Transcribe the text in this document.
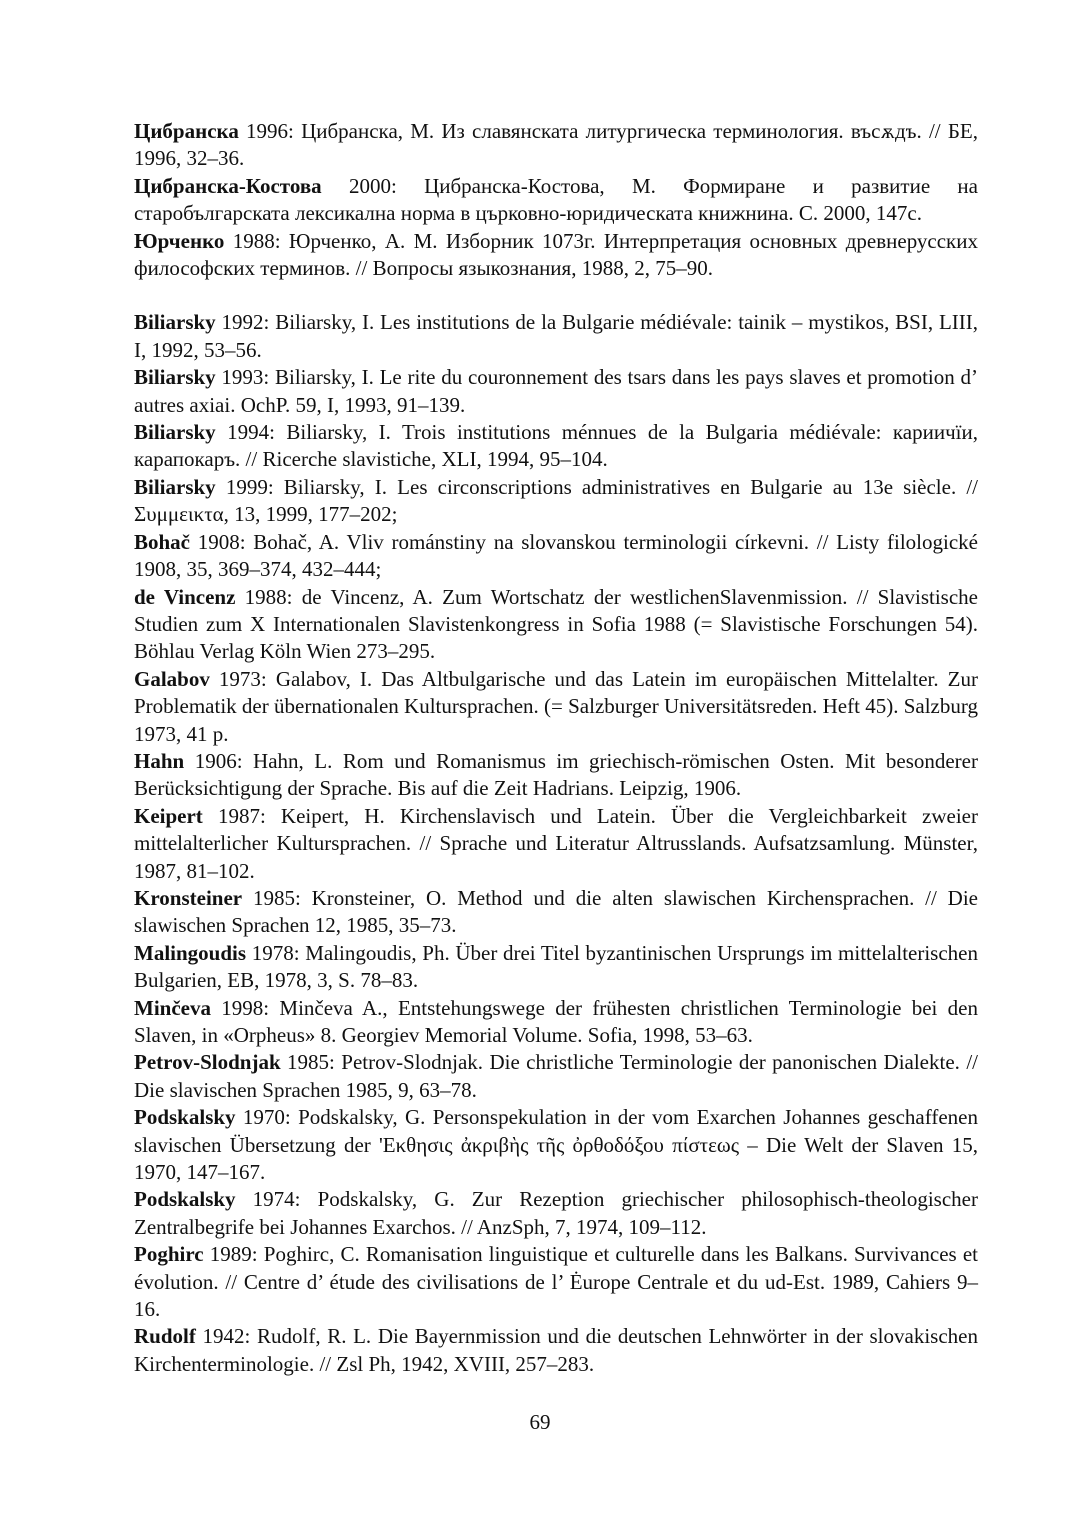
Цибранска 1996: Цибранска, М. Из славянската литургическа терминология. въсѫдъ. // БЕ, 1996, 32–36.

Цибранска-Костова 2000: Цибранска-Костова, М. Формиране и развитие на старобългарската лексикална норма в църковно-юридическата книжнина. С. 2000, 147с.

Юрченко 1988: Юрченко, А. М. Изборник 1073г. Интерпретация основных древнерусских философских терминов. // Вопросы языкознания, 1988, 2, 75–90.

Biliarsky 1992: Biliarsky, I. Les institutions de la Bulgarie médiévale: tainik – mystikos, BSI, LIII, I, 1992, 53–56.

Biliarsky 1993: Biliarsky, I. Le rite du couronnement des tsars dans les pays slaves et promotion d’ autres axiai. OchP. 59, I, 1993, 91–139.

Biliarsky 1994: Biliarsky, I. Trois institutions ménnues de la Bulgaria médiévale: кариичїи, карапокаръ. // Ricerche slavistiche, XLI, 1994, 95–104.

Biliarsky 1999: Biliarsky, I. Les circonscriptions administratives en Bulgarie au 13e siècle. // Συμμεικτα, 13, 1999, 177–202;

Bohač 1908: Bohač, A. Vliv románstiny na slovanskou terminologii církevni. // Listy filologické 1908, 35, 369–374, 432–444;

de Vincenz 1988: de Vincenz, A. Zum Wortschatz der westlichenSlavenmission. // Slavistische Studien zum X Internationalen Slavistenkongress in Sofia 1988 (= Slavistische Forschungen 54). Böhlau Verlag Köln Wien 273–295.

Galabov 1973: Galabov, I. Das Altbulgarische und das Latein im europäischen Mittelalter. Zur Problematik der übernationalen Kultursprachen. (= Salzburger Universitätsreden. Heft 45). Salzburg 1973, 41 p.

Hahn 1906: Hahn, L. Rom und Romanismus im griechisch-römischen Osten. Mit besonderer Berücksichtigung der Sprache. Bis auf die Zeit Hadrians. Leipzig, 1906.

Keipert 1987: Keipert, H. Kirchenslavisch und Latein. Über die Vergleichbarkeit zweier mittelalterlicher Kultursprachen. // Sprache und Literatur Altrusslands. Aufsatzsamlung. Münster, 1987, 81–102.

Kronsteiner 1985: Kronsteiner, O. Method und die alten slawischen Kirchensprachen. // Die slawischen Sprachen 12, 1985, 35–73.

Malingoudis 1978: Malingoudis, Ph. Über drei Titel byzantinischen Ursprungs im mittelalterischen Bulgarien, EB, 1978, 3, S. 78–83.

Minčeva 1998: Minčeva A., Entstehungswege der frühesten christlichen Terminologie bei den Slaven, in «Orpheus» 8. Georgiev Memorial Volume. Sofia, 1998, 53–63.

Petrov-Slodnjak 1985: Petrov-Slodnjak. Die christliche Terminologie der panonischen Dialekte. // Die slavischen Sprachen 1985, 9, 63–78.

Podskalsky 1970: Podskalsky, G. Personspekulation in der vom Exarchen Johannes geschaffenen slavischen Übersetzung der 'Εκθησις ἀκριβὴς τῆς ὀρθοδόξου πίστεως – Die Welt der Slaven 15, 1970, 147–167.

Podskalsky 1974: Podskalsky, G. Zur Rezeption griechischer philosophisch-theologischer Zentralbegrife bei Johannes Exarchos. // AnzSph, 7, 1974, 109–112.

Poghirc 1989: Poghirc, C. Romanisation linguistique et culturelle dans les Balkans. Survivances et évolution. // Centre d’ étude des civilisations de l’ Ėurope Centrale et du ud-Est. 1989, Cahiers 9–16.

Rudolf 1942: Rudolf, R. L. Die Bayernmission und die deutschen Lehnwörter in der slovakischen Kirchenterminologie. // Zsl Ph, 1942, XVIII, 257–283.

69
